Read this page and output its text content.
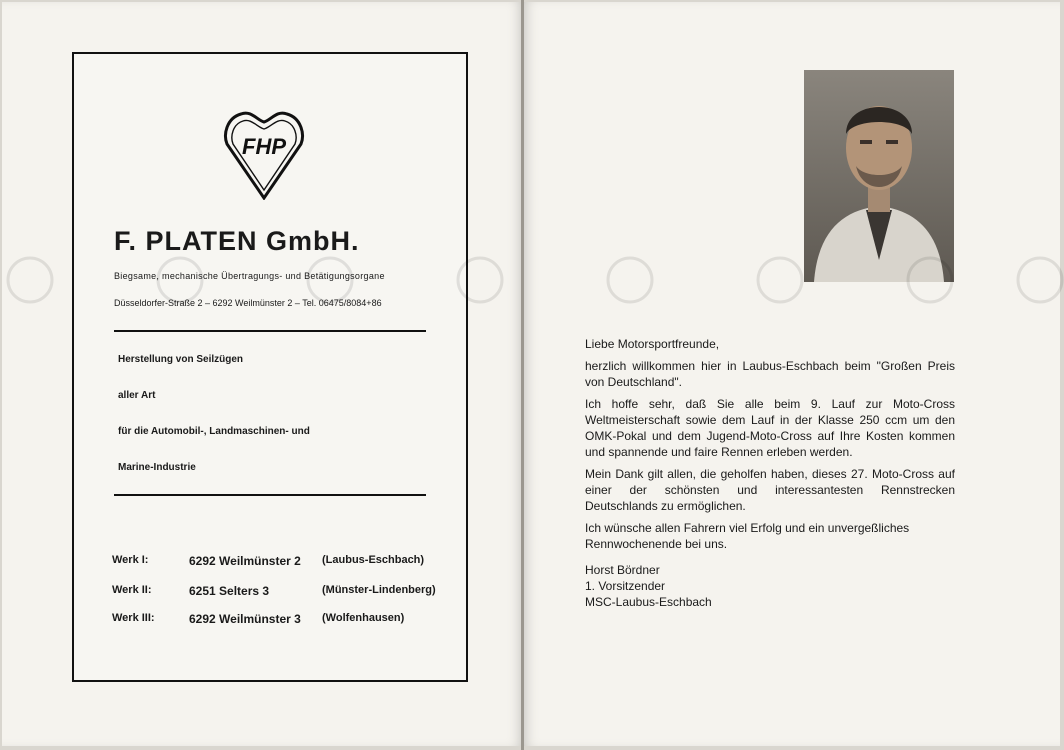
FHP
F. PLATEN GmbH.
Biegsame, mechanische Übertragungs- und Betätigungsorgane
Düsseldorfer-Straße 2 – 6292 Weilmünster 2 – Tel. 06475/8084+86
Herstellung von Seilzügen
aller Art
für die Automobil-, Landmaschinen- und
Marine-Industrie
Werk I:	6292 Weilmünster 2 (Laubus-Eschbach)
Werk II:	6251 Selters 3	(Münster-Lindenberg)
Werk III:	6292 Weilmünster 3 (Wolfenhausen)

Liebe Motorsportfreunde,

herzlich willkommen hier in Laubus-Eschbach beim "Großen Preis von Deutschland".

Ich hoffe sehr, daß Sie alle beim 9. Lauf zur Moto-Cross Weltmeisterschaft sowie dem Lauf in der Klasse 250 ccm um den OMK-Pokal und dem Jugend-Moto-Cross auf Ihre Kosten kommen und spannende und faire Rennen erleben werden.

Mein Dank gilt allen, die geholfen haben, dieses 27. Moto-Cross auf einer der schönsten und interessantesten Rennstrecken Deutschlands zu ermöglichen.

Ich wünsche allen Fahrern viel Erfolg und ein unvergeßliches Rennwochenende bei uns.

Horst Bördner

1. Vorsitzender

MSC-Laubus-Eschbach
